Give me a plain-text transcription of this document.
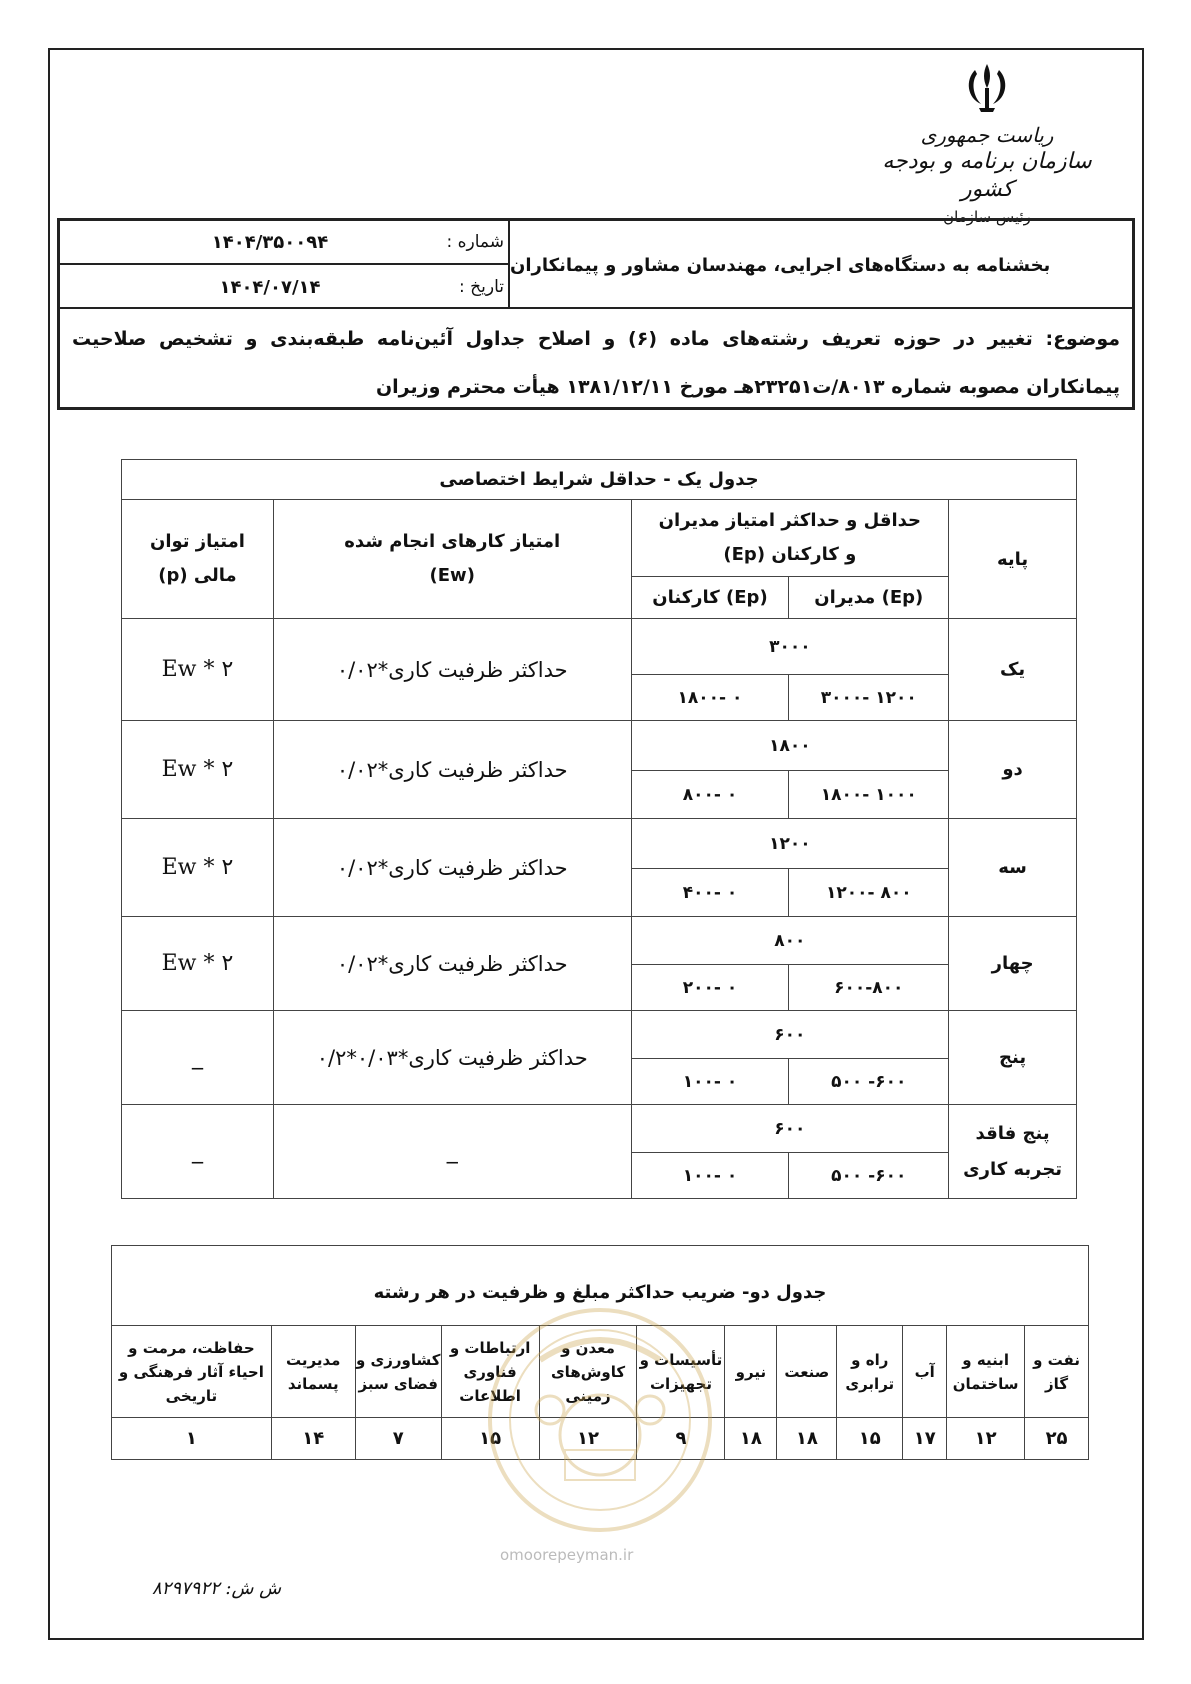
ریاست جمهوری
سازمان برنامه و بودجه کشور
رئیس سازمان
شماره :
۱۴۰۴/۳۵۰۰۹۴
تاریخ :
۱۴۰۴/۰۷/۱۴
بخشنامه به دستگاه‌های اجرایی، مهندسان مشاور و پیمانکاران
موضوع: تغییر در حوزه تعریف رشته‌های ماده (۶) و اصلاح جداول آئین‌نامه طبقه‌بندی و تشخیص صلاحیت پیمانکاران مصوبه شماره ۸۰۱۳/ت۲۳۲۵۱هـ مورخ ۱۳۸۱/۱۲/۱۱ هیأت محترم وزیران
جدول یک - حداقل شرایط اختصاصی				
پایه	حداقل و حداکثر امتیاز مدیران و کارکنان (Ep)		امتیاز کارهای انجام شده (Ew)	امتیاز توان مالی (p)
	(Ep) مدیران	(Ep) کارکنان		
یک	۳۰۰۰		حداکثر ظرفیت کاری*۰/۰۲	۲ * Ew
	۱۲۰۰ -۳۰۰۰	۰ -۱۸۰۰		
دو	۱۸۰۰		حداکثر ظرفیت کاری*۰/۰۲	۲ * Ew
	۱۰۰۰ -۱۸۰۰	۰ -۸۰۰		
سه	۱۲۰۰		حداکثر ظرفیت کاری*۰/۰۲	۲ * Ew
	۸۰۰ -۱۲۰۰	۰ -۴۰۰		
چهار	۸۰۰		حداکثر ظرفیت کاری*۰/۰۲	۲ * Ew
	۶۰۰-۸۰۰	۰ -۲۰۰		
پنج	۶۰۰		حداکثر ظرفیت کاری*۰/۰۳*۰/۲	_
	۶۰۰- ۵۰۰	۰ -۱۰۰		
پنج فاقد تجربه کاری	۶۰۰		_	_
	۶۰۰- ۵۰۰	۰ -۱۰۰		
جدول دو- ضریب حداکثر مبلغ و ظرفیت در هر رشته											
نفت و گاز	ابنیه و ساختمان	آب	راه و ترابری	صنعت	نیرو	تأسیسات و تجهیزات	معدن و کاوش‌های زمینی	ارتباطات و فناوری اطلاعات	کشاورزی و فضای سبز	مدیریت پسماند	حفاظت، مرمت و احیاء آثار فرهنگی و تاریخی
۲۵	۱۲	۱۷	۱۵	۱۸	۱۸	۹	۱۲	۱۵	۷	۱۴	۱
omoorepeyman.ir
ش ش: ۸۲۹۷۹۲۲
